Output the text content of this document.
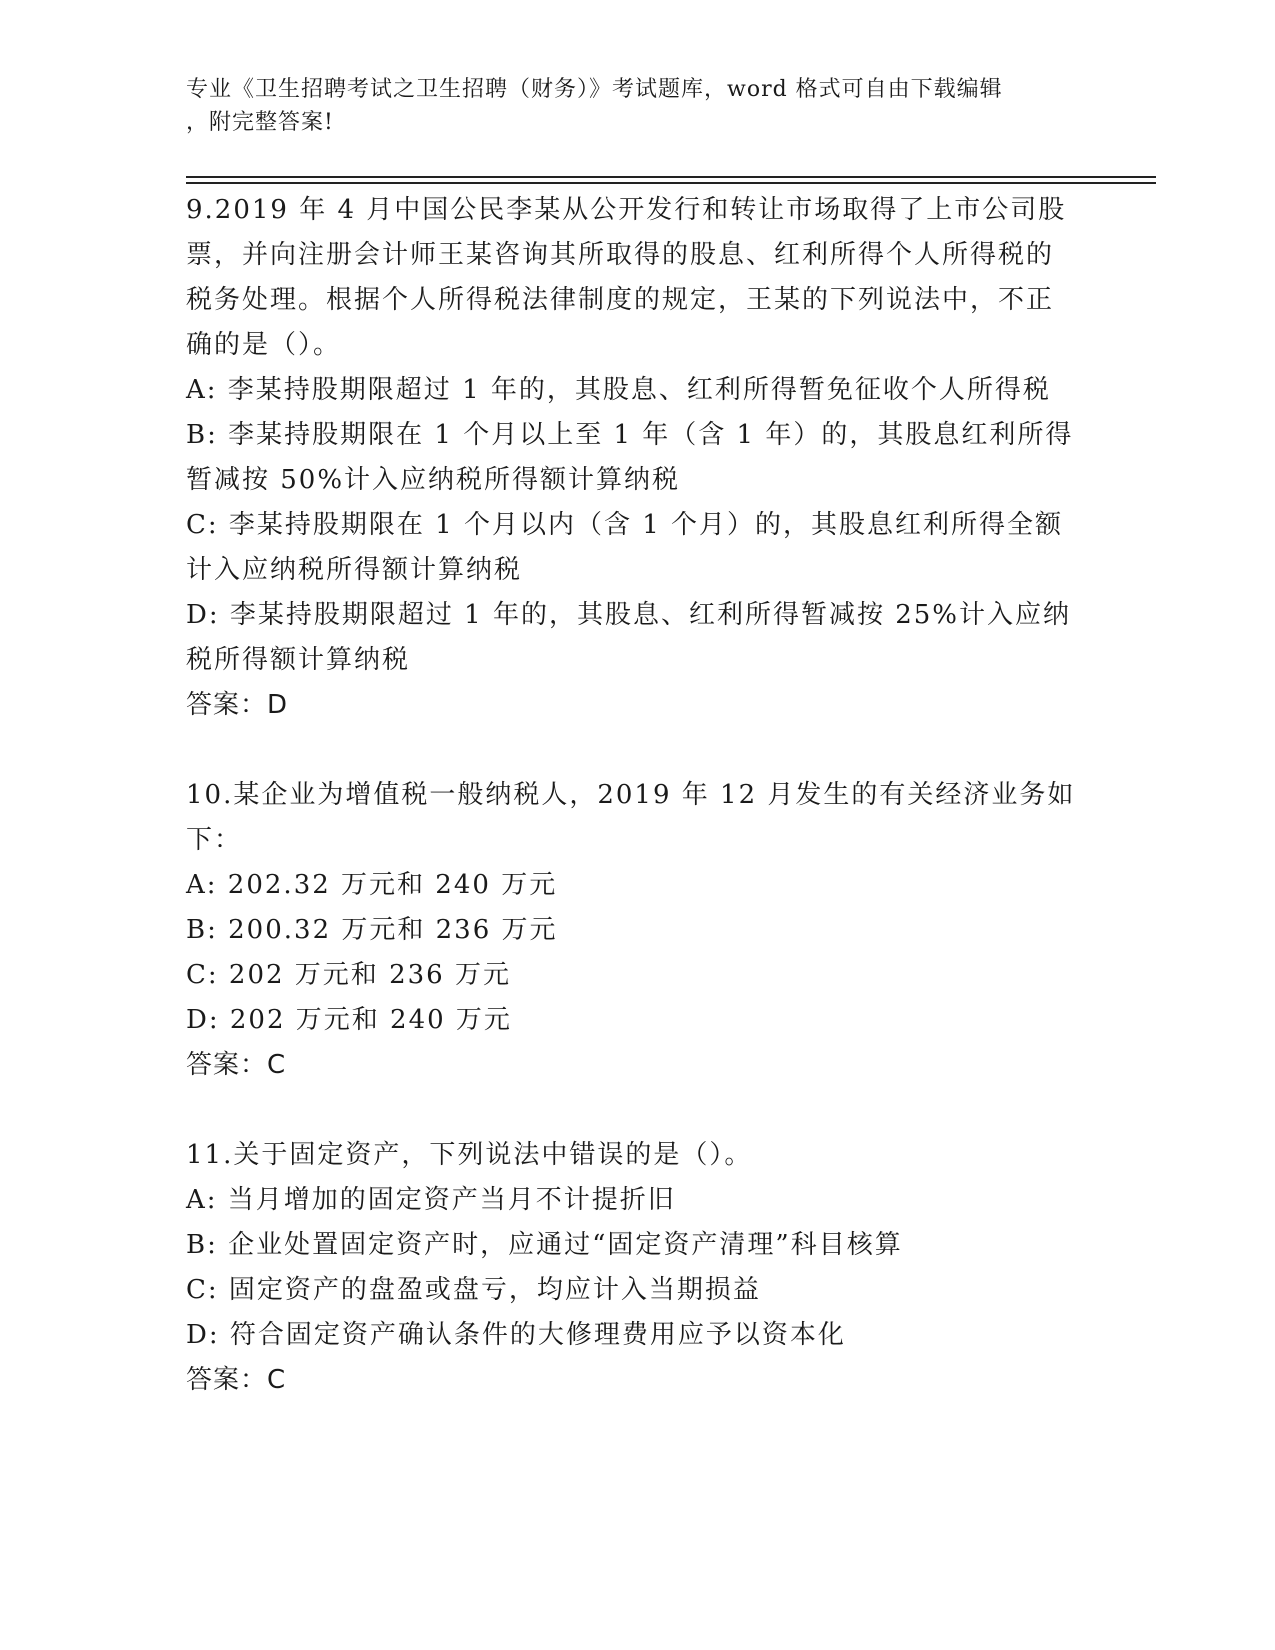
专业《卫生招聘考试之卫生招聘（财务）》考试题库，word 格式可自由下载编辑
，附完整答案!

9.2019 年 4 月中国公民李某从公开发行和转让市场取得了上市公司股票，并向注册会计师王某咨询其所取得的股息、红利所得个人所得税的税务处理。根据个人所得税法律制度的规定，王某的下列说法中，不正确的是（）。

A: 李某持股期限超过 1 年的，其股息、红利所得暂免征收个人所得税

B: 李某持股期限在 1 个月以上至 1 年（含 1 年）的，其股息红利所得暂减按 50%计入应纳税所得额计算纳税

C: 李某持股期限在 1 个月以内（含 1 个月）的，其股息红利所得全额计入应纳税所得额计算纳税

D: 李某持股期限超过 1 年的，其股息、红利所得暂减按 25%计入应纳税所得额计算纳税

答案：D

10.某企业为增值税一般纳税人，2019 年 12 月发生的有关经济业务如下：

A: 202.32 万元和 240 万元

B: 200.32 万元和 236 万元

C: 202 万元和 236 万元

D: 202 万元和 240 万元

答案：C

11.关于固定资产，下列说法中错误的是（）。

A: 当月增加的固定资产当月不计提折旧

B: 企业处置固定资产时，应通过“固定资产清理”科目核算

C: 固定资产的盘盈或盘亏，均应计入当期损益

D: 符合固定资产确认条件的大修理费用应予以资本化

答案：C
